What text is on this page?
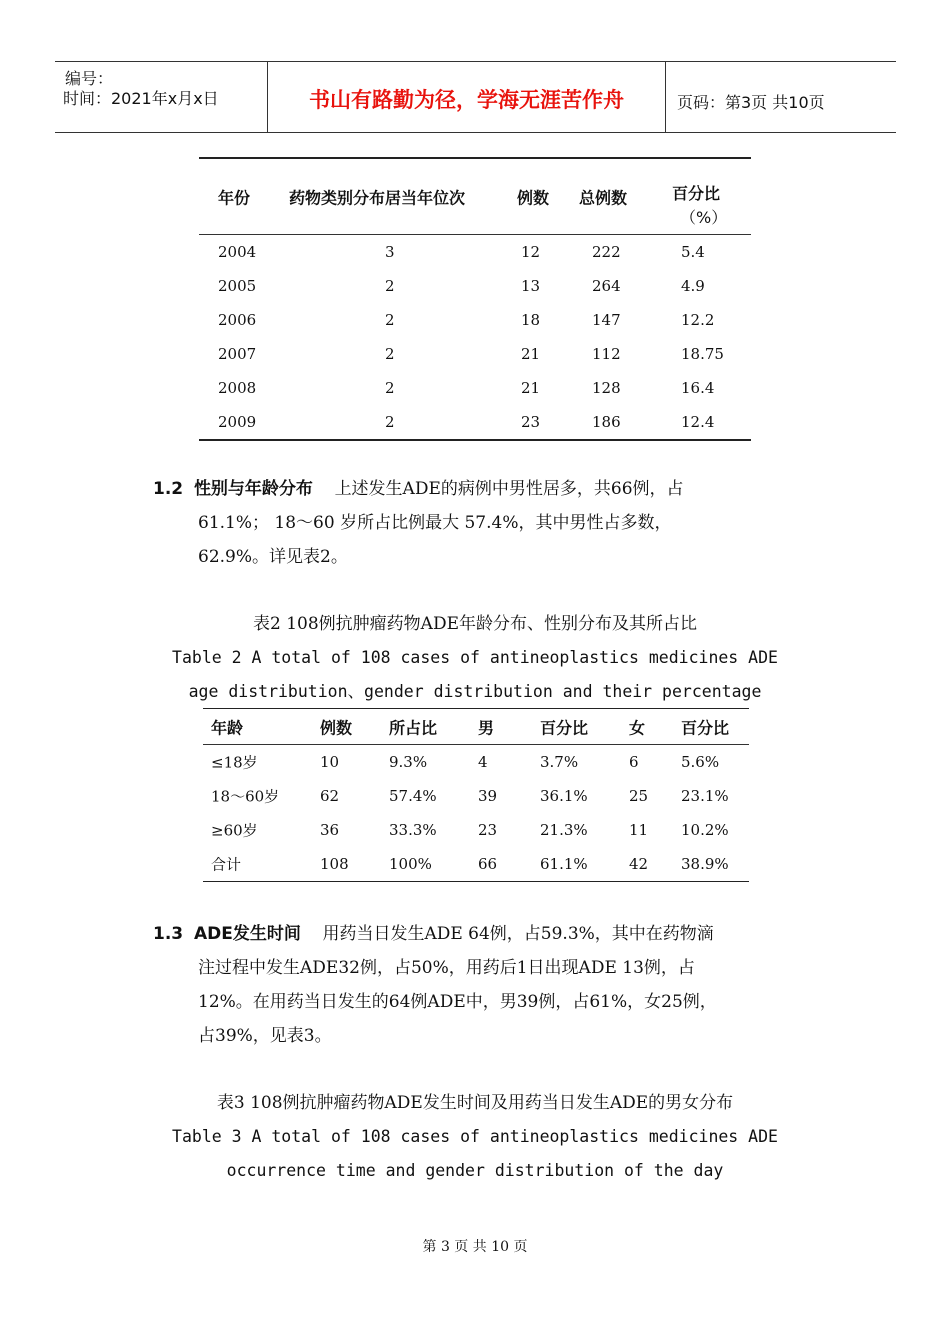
编号：
时间：2021年x月x日	书山有路勤为径，学海无涯苦作舟	页码：第3页 共10页
年份 药物类别分布居当年位次	例数 总例数	百分比
（%）
2004	3	12	222	5.4
2005	2	13	264	4.9
2006	2	18	147	12.2
2007	2	21	112	18.75
2008	2	21	128	16.4
2009	2	23	186	12.4
1.2 性别与年龄分布 上述发生ADE的病例中男性居多，共66例，占
61.1%； 18～60 岁所占比例最大 57.4%，其中男性占多数，
62.9%。详见表2。
表2 108例抗肿瘤药物ADE年龄分布、性别分布及其所占比
Table 2 A total of 108 cases of antineoplastics medicines ADE
age distribution、gender distribution and their percentage
年龄	例数 所占比	男	百分比	女 百分比
≤18岁	10	9.3%	4	3.7%	6	5.6%
18～60岁	62	57.4%	39	36.1%	25 23.1%
≥60岁	36	33.3%	23	21.3%	11 10.2%
合计	108	100%	66	61.1%	42 38.9%
1.3 ADE发生时间 用药当日发生ADE 64例，占59.3%，其中在药物滴
注过程中发生ADE32例，占50%，用药后1日出现ADE 13例，占
12%。在用药当日发生的64例ADE中，男39例，占61%，女25例，
占39%，见表3。
表3 108例抗肿瘤药物ADE发生时间及用药当日发生ADE的男女分布
Table 3 A total of 108 cases of antineoplastics medicines ADE
occurrence time and gender distribution of the day
第 3 页 共 10 页
